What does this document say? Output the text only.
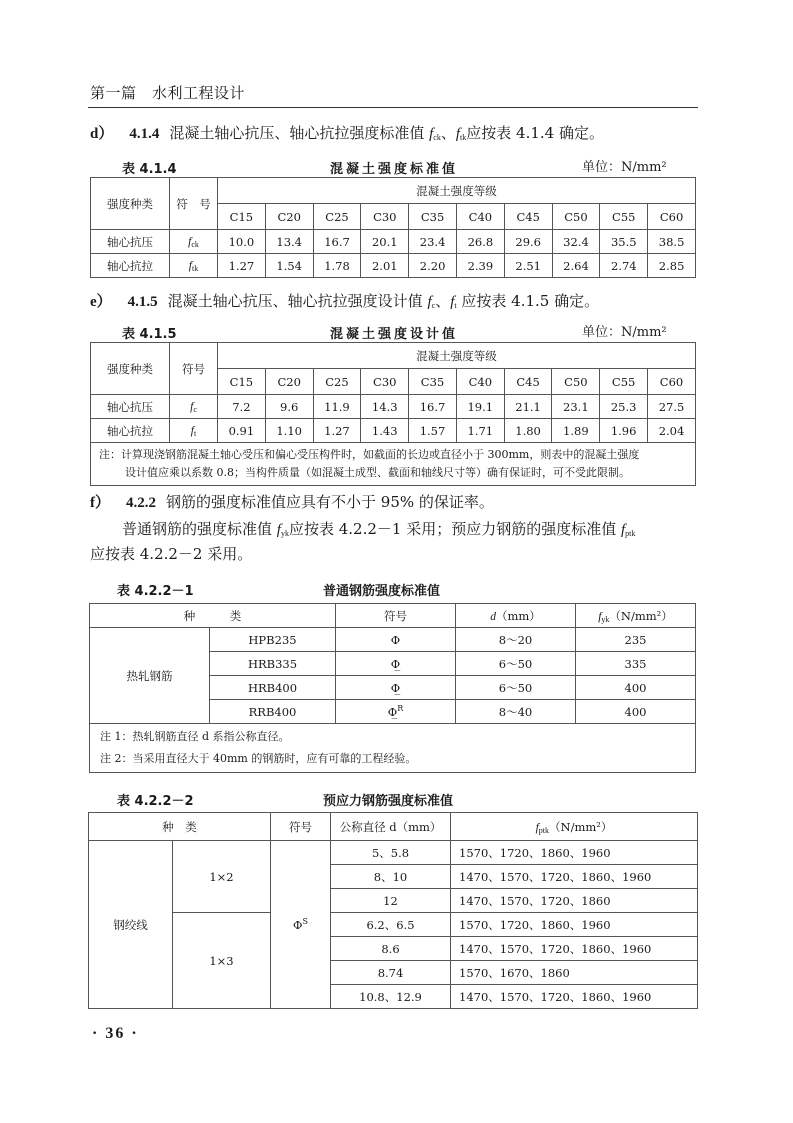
第一篇　水利工程设计
d） 4.1.4 混凝土轴心抗压、轴心抗拉强度标准值 $f_{ck}$、$f_{tk}$应按表 4.1.4 确定。
表 4.1.4	混凝土强度标准值	单位：N/mm²
强度种类	符　号	混凝土强度等级									
		C15	C20	C25	C30	C35	C40	C45	C50	C55	C60
轴心抗压	$f_{ck}$	10.0	13.4	16.7	20.1	23.4	26.8	29.6	32.4	35.5	38.5
轴心抗拉	$f_{tk}$	1.27	1.54	1.78	2.01	2.20	2.39	2.51	2.64	2.74	2.85
e） 4.1.5 混凝土轴心抗压、轴心抗拉强度设计值 $f_c$、$f_t$ 应按表 4.1.5 确定。
表 4.1.5	混凝土强度设计值	单位：N/mm²
强度种类	符号	混凝土强度等级									
		C15	C20	C25	C30	C35	C40	C45	C50	C55	C60
轴心抗压	$f_c$	7.2	9.6	11.9	14.3	16.7	19.1	21.1	23.1	25.3	27.5
轴心抗拉	$f_t$	0.91	1.10	1.27	1.43	1.57	1.71	1.80	1.89	1.96	2.04

注：计算现浇钢筋混凝土轴心受压和偏心受压构件时，如截面的长边或直径小于 300mm，则表中的混凝土强度
设计值应乘以系数 0.8；当构件质量（如混凝土成型、截面和轴线尺寸等）确有保证时，可不受此限制。											
f） 4.2.2 钢筋的强度标准值应具有不小于 95% 的保证率。
普通钢筋的强度标准值 $f_{yk}$应按表 4.2.2－1 采用；预应力钢筋的强度标准值 $f_{ptk}$
应按表 4.2.2－2 采用。
表 4.2.2－1	普通钢筋强度标准值
种　　　类		符号	d（mm）	$f_{yk}(N/mm^2)$
热轧钢筋	HPB235	Φ	8～20	235
	HRB335	Φ̲	6～50	335
	HRB400	Φ̲	6～50	400
	RRB400	Φ̲$^R$	8～40	400

注 1：热轧钢筋直径 d 系指公称直径。
注 2：当采用直径大于 40mm 的钢筋时，应有可靠的工程经验。				
表 4.2.2－2	预应力钢筋强度标准值
种　类		符号	公称直径 d（mm）	$f_{ptk}(N/mm^2)$
钢绞线	1×2	$\Phi^S$	5、5.8	1570、1720、1860、1960
			8、10	1470、1570、1720、1860、1960
			12	1470、1570、1720、1860
	1×3		6.2、6.5	1570、1720、1860、1960
			8.6	1470、1570、1720、1860、1960
			8.74	1570、1670、1860
			10.8、12.9	1470、1570、1720、1860、1960
· 36 ·
